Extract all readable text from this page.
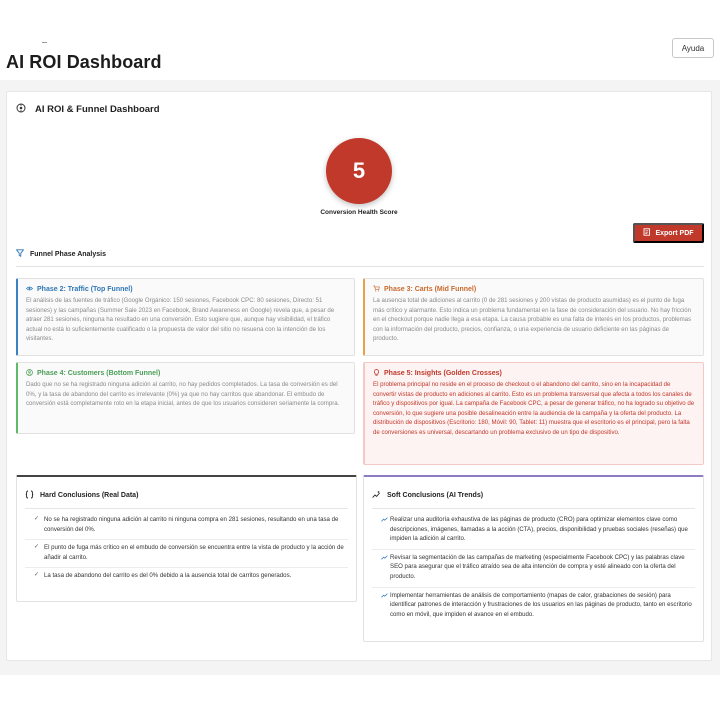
AI ROI Dashboard
Ayuda
AI ROI & Funnel Dashboard
5
Conversion Health Score
Export PDF
Funnel Phase Analysis
Phase 2: Traffic (Top Funnel)
El análisis de las fuentes de tráfico (Google Orgánico: 150 sesiones, Facebook CPC: 80 sesiones, Directo: 51 sesiones) y las campañas (Summer Sale 2023 en Facebook, Brand Awareness en Google) revela que, a pesar de atraer 281 sesiones, ninguna ha resultado en una conversión. Esto sugiere que, aunque hay visibilidad, el tráfico actual no está lo suficientemente cualificado o la propuesta de valor del sitio no resuena con la intención de los visitantes.
Phase 3: Carts (Mid Funnel)
La ausencia total de adiciones al carrito (0 de 281 sesiones y 200 vistas de producto asumidas) es el punto de fuga más crítico y alarmante. Esto indica un problema fundamental en la fase de consideración del usuario. No hay fricción en el checkout porque nadie llega a esa etapa. La causa probable es una falta de interés en los productos, problemas con la información del producto, precios, confianza, o una experiencia de usuario deficiente en las páginas de producto.
Phase 4: Customers (Bottom Funnel)
Dado que no se ha registrado ninguna adición al carrito, no hay pedidos completados. La tasa de conversión es del 0%, y la tasa de abandono del carrito es irrelevante (0%) ya que no hay carritos que abandonar. El embudo de conversión está completamente roto en la etapa inicial, antes de que los usuarios consideren seriamente la compra.
Phase 5: Insights (Golden Crosses)
El problema principal no reside en el proceso de checkout o el abandono del carrito, sino en la incapacidad de convertir vistas de producto en adiciones al carrito. Esto es un problema transversal que afecta a todos los canales de tráfico y dispositivos por igual. La campaña de Facebook CPC, a pesar de generar tráfico, no ha logrado su objetivo de conversión, lo que sugiere una posible desalineación entre la audiencia de la campaña y la oferta del producto. La distribución de dispositivos (Escritorio: 180, Móvil: 90, Tablet: 11) muestra que el escritorio es el principal, pero la falta de conversiones es universal, descartando un problema exclusivo de un tipo de dispositivo.
Hard Conclusions (Real Data)
✓ No se ha registrado ninguna adición al carrito ni ninguna compra en 281 sesiones, resultando en una tasa de conversión del 0%.
✓ El punto de fuga más crítico en el embudo de conversión se encuentra entre la vista de producto y la acción de añadir al carrito.
✓ La tasa de abandono del carrito es del 0% debido a la ausencia total de carritos generados.
Soft Conclusions (AI Trends)
Realizar una auditoría exhaustiva de las páginas de producto (CRO) para optimizar elementos clave como descripciones, imágenes, llamadas a la acción (CTA), precios, disponibilidad y pruebas sociales (reseñas) que impiden la adición al carrito.
Revisar la segmentación de las campañas de marketing (especialmente Facebook CPC) y las palabras clave SEO para asegurar que el tráfico atraído sea de alta intención de compra y esté alineado con la oferta del producto.
Implementar herramientas de análisis de comportamiento (mapas de calor, grabaciones de sesión) para identificar patrones de interacción y frustraciones de los usuarios en las páginas de producto, tanto en escritorio como en móvil, que impiden el avance en el embudo.
